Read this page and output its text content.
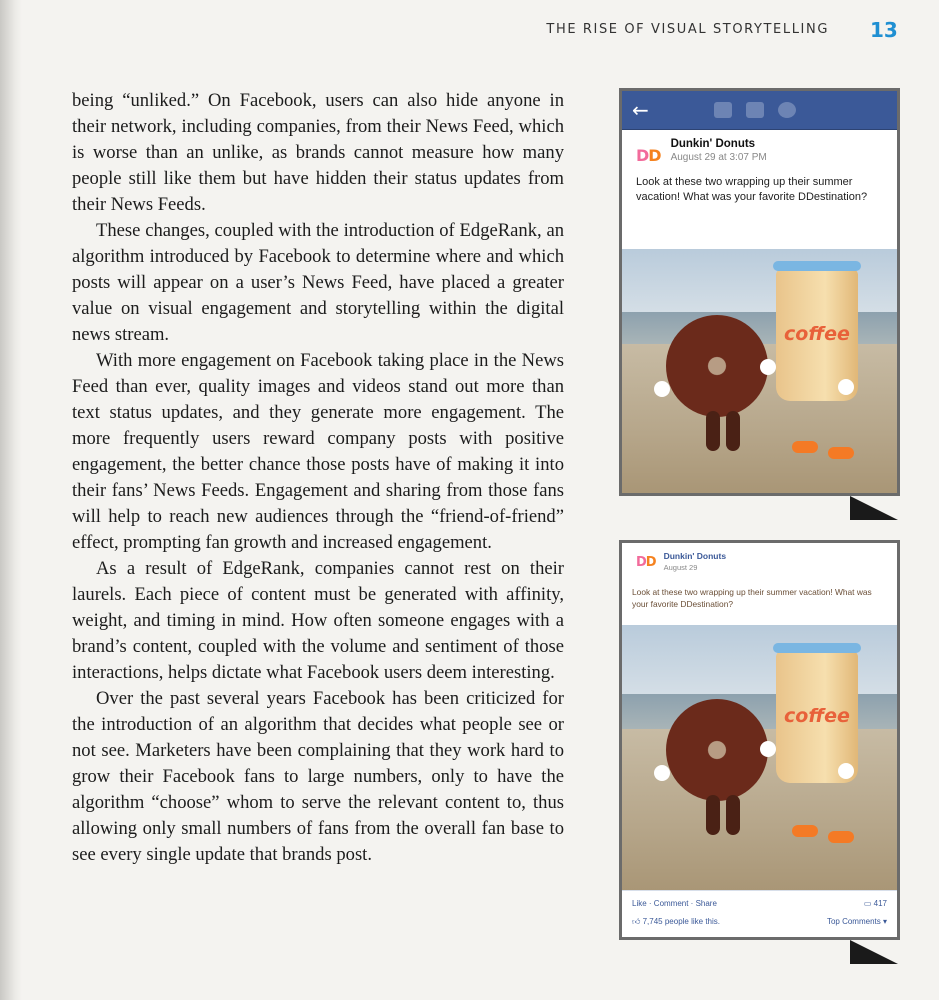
THE RISE OF VISUAL STORYTELLING 13

being “unliked.” On Facebook, users can also hide anyone in their network, including companies, from their News Feed, which is worse than an unlike, as brands cannot measure how many people still like them but have hidden their status updates from their News Feeds.

These changes, coupled with the introduction of EdgeRank, an algorithm introduced by Facebook to determine where and which posts will appear on a user’s News Feed, have placed a greater value on visual engagement and storytelling within the digital news stream.

With more engagement on Facebook taking place in the News Feed than ever, quality images and videos stand out more than text status updates, and they generate more engagement. The more frequently users reward company posts with positive engagement, the better chance those posts have of making it into their fans’ News Feeds. Engagement and sharing from those fans will help to reach new audiences through the “friend-of-friend” effect, prompting fan growth and increased engagement.

As a result of EdgeRank, companies cannot rest on their laurels. Each piece of content must be generated with affinity, weight, and timing in mind. How often someone engages with a brand’s content, coupled with the volume and sentiment of those interactions, helps dictate what Facebook users deem interesting.

Over the past several years Facebook has been criticized for the introduction of an algorithm that decides what people see or not see. Marketers have been complaining that they work hard to grow their Facebook fans to large numbers, only to have the algorithm “choose” whom to serve the relevant content to, thus allowing only small numbers of fans from the overall fan base to see every single update that brands post.

←
DD
Dunkin' Donuts
August 29 at 3:07 PM
Look at these two wrapping up their summer vacation! What was your favorite DDestination?
coffee
DD Dunkin' Donuts
August 29
Look at these two wrapping up their summer vacation! What was your favorite DDestination?
coffee
Like · Comment · Share	▭ 417
👍︎ 7,745 people like this.	Top Comments ▾
